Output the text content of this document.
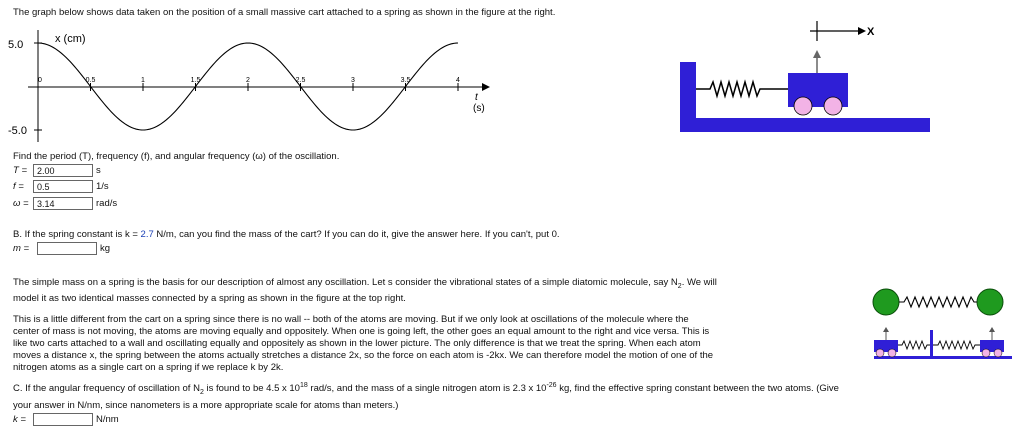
The graph below shows data taken on the position of a small massive cart attached to a spring as shown in the figure at the right.
0	0.5	1	1.5	2	2.5	3	3.5	4
5.0
-5.0
x (cm)
t
(s)
X
Find the period (T), frequency (f), and angular frequency (ω) of the oscillation.
T =	2.00	s
f =	0.5	1/s
ω = 3.14	rad/s
B. If the spring constant is k = 2.7 N/m, can you find the mass of the cart? If you can do it, give the answer here. If you can't, put 0.
m =	kg
The simple mass on a spring is the basis for our description of almost any oscillation. Let s consider the vibrational states of a simple diatomic molecule, say $N_2$. We will
model it as two identical masses connected by a spring as shown in the figure at the top right.
This is a little different from the cart on a spring since there is no wall -- both of the atoms are moving. But if we only look at oscillations of the molecule where the
center of mass is not moving, the atoms are moving equally and oppositely. When one is going left, the other goes an equal amount to the right and vice versa. This is
like two carts attached to a wall and oscillating equally and oppositely as shown in the lower picture. The only difference is that we treat the spring. When each atom
moves a distance x, the spring between the atoms actually stretches a distance 2x, so the force on each atom is -2kx. We can therefore model the motion of one of the
nitrogen atoms as a single cart on a spring if we replace k by 2k.
C. If the angular frequency of oscillation of $N_2$ is found to be 4.5 x $10^{18}$ rad/s, and the mass of a single nitrogen atom is 2.3 x $10^{-26}$ kg, find the effective spring constant between the two atoms. (Give
your answer in N/nm, since nanometers is a more appropriate scale for atoms than meters.)
k =	N/nm
